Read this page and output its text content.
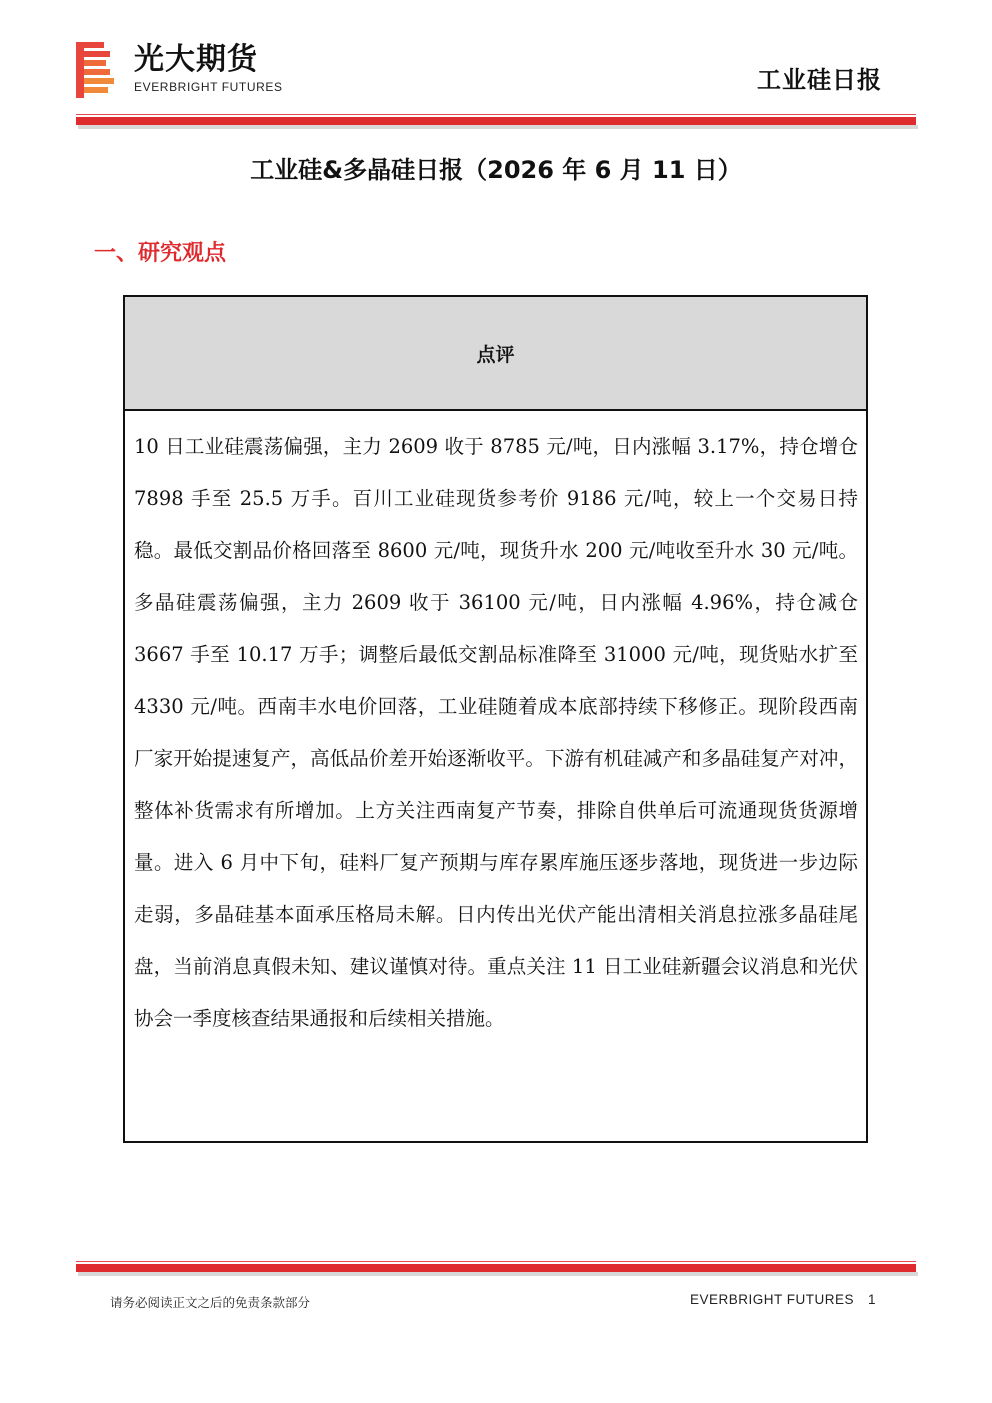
光大期货
EVERBRIGHT FUTURES	工业硅日报
工业硅&多晶硅日报（2026 年 6 月 11 日）
一、研究观点
点评
10 日工业硅震荡偏强，主力 2609 收于 8785 元/吨，日内涨幅 3.17%，持仓增仓 7898 手至 25.5 万手。百川工业硅现货参考价 9186 元/吨，较上一个交易日持稳。最低交割品价格回落至 8600 元/吨，现货升水 200 元/吨收至升水 30 元/吨。多晶硅震荡偏强，主力 2609 收于 36100 元/吨，日内涨幅 4.96%，持仓减仓 3667 手至 10.17 万手；调整后最低交割品标准降至 31000 元/吨，现货贴水扩至 4330 元/吨。西南丰水电价回落，工业硅随着成本底部持续下移修正。现阶段西南厂家开始提速复产，高低品价差开始逐渐收平。下游有机硅减产和多晶硅复产对冲，整体补货需求有所增加。上方关注西南复产节奏，排除自供单后可流通现货货源增量。进入 6 月中下旬，硅料厂复产预期与库存累库施压逐步落地，现货进一步边际走弱，多晶硅基本面承压格局未解。日内传出光伏产能出清相关消息拉涨多晶硅尾盘，当前消息真假未知、建议谨慎对待。重点关注 11 日工业硅新疆会议消息和光伏协会一季度核查结果通报和后续相关措施。
请务必阅读正文之后的免责条款部分	EVERBRIGHT FUTURES 1
